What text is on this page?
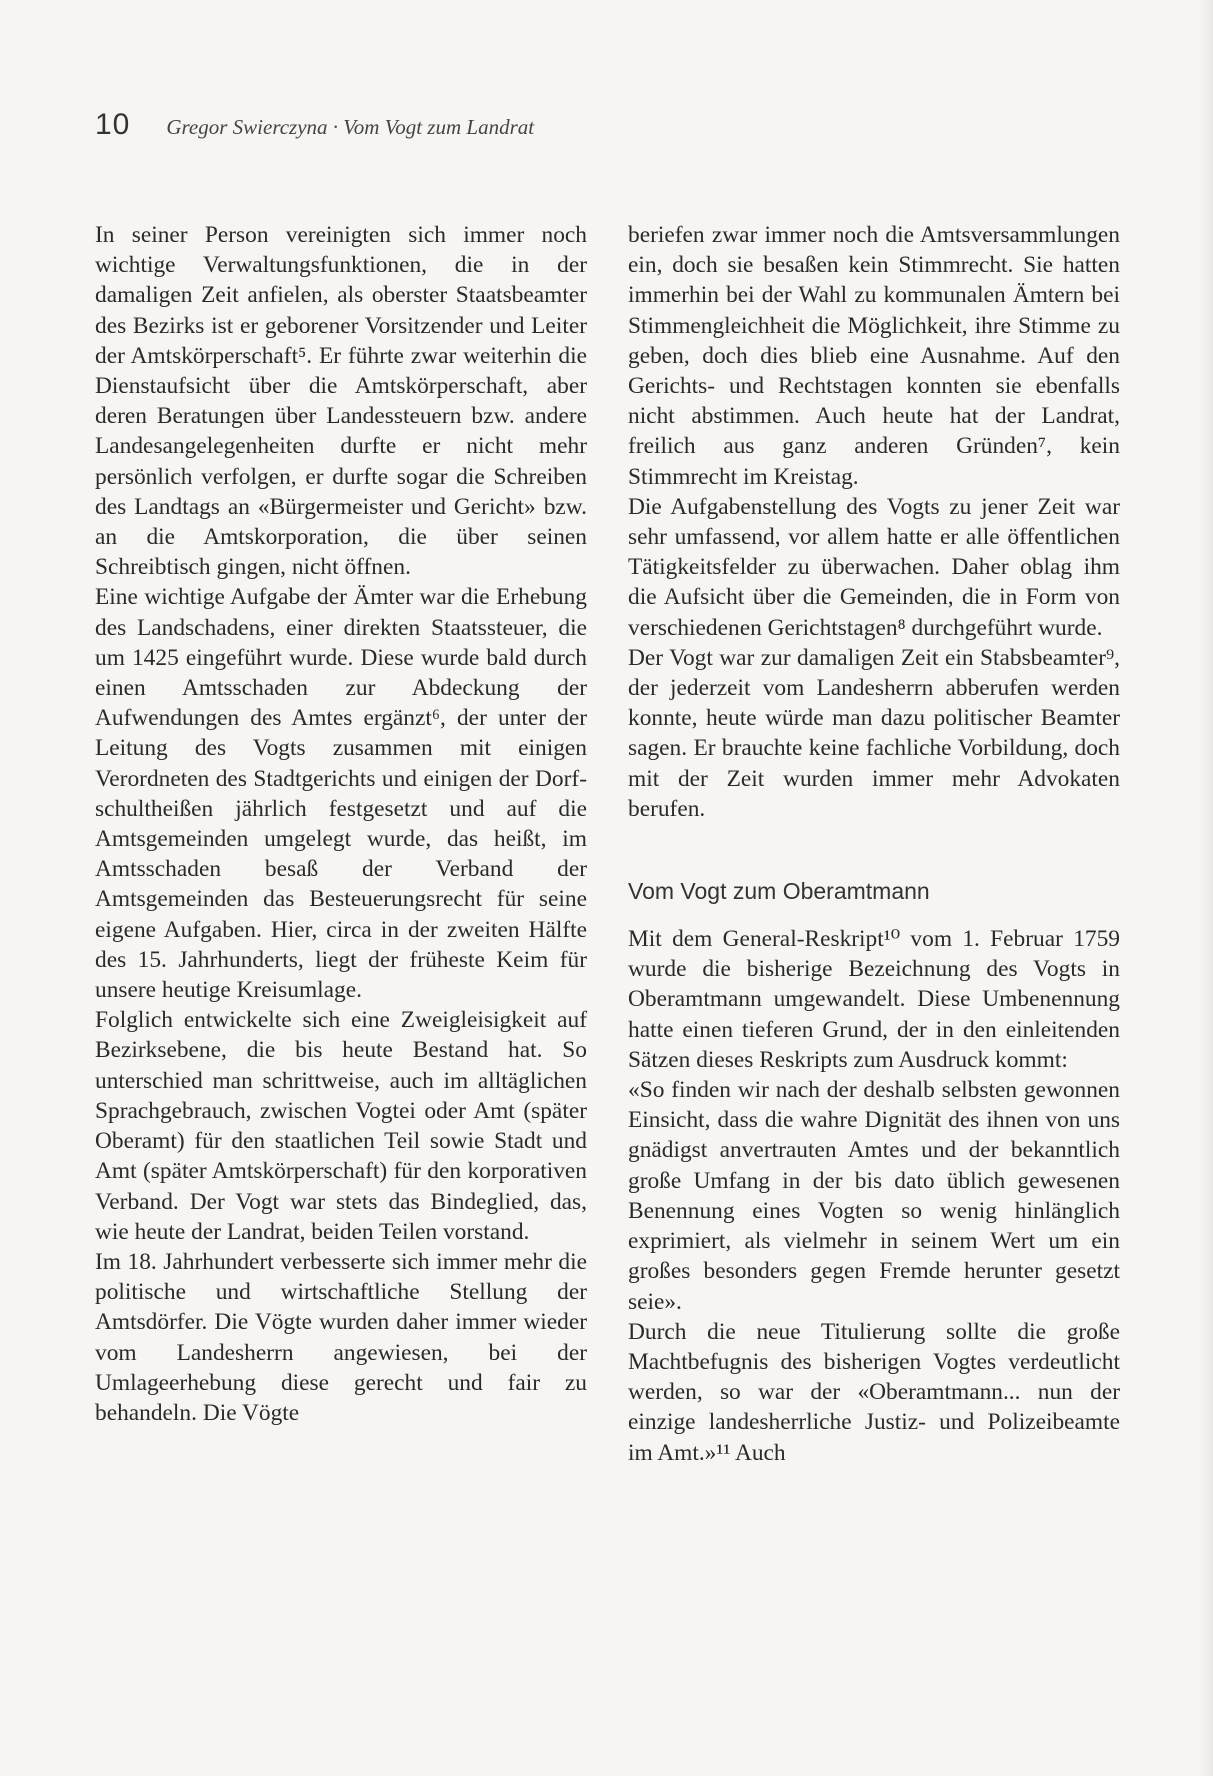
10 Gregor Swierczyna · Vom Vogt zum Landrat

In seiner Person vereinigten sich immer noch wichtige Verwaltungsfunktionen, die in der damaligen Zeit anfielen, als oberster Staatsbeamter des Bezirks ist er geborener Vorsitzender und Leiter der Amtskörperschaft⁵. Er führte zwar weiterhin die Dienstaufsicht über die Amtskörperschaft, aber deren Beratungen über Landessteuern bzw. andere Landesangelegenheiten durfte er nicht mehr persönlich verfolgen, er durfte sogar die Schreiben des Landtags an «Bürgermeister und Gericht» bzw. an die Amtskorporation, die über seinen Schreibtisch gingen, nicht öffnen.

Eine wichtige Aufgabe der Ämter war die Erhebung des Landschadens, einer direkten Staatssteuer, die um 1425 eingeführt wurde. Diese wurde bald durch einen Amtsschaden zur Abdeckung der Aufwendungen des Amtes ergänzt⁶, der unter der Leitung des Vogts zusammen mit einigen Verordneten des Stadtgerichts und einigen der Dorfschultheißen jährlich festgesetzt und auf die Amtsgemeinden umgelegt wurde, das heißt, im Amtsschaden besaß der Verband der Amtsgemeinden das Besteuerungsrecht für seine eigene Aufgaben. Hier, circa in der zweiten Hälfte des 15. Jahrhunderts, liegt der früheste Keim für unsere heutige Kreisumlage.

Folglich entwickelte sich eine Zweigleisigkeit auf Bezirksebene, die bis heute Bestand hat. So unterschied man schrittweise, auch im alltäglichen Sprachgebrauch, zwischen Vogtei oder Amt (später Oberamt) für den staatlichen Teil sowie Stadt und Amt (später Amtskörperschaft) für den korporativen Verband. Der Vogt war stets das Bindeglied, das, wie heute der Landrat, beiden Teilen vorstand.

Im 18. Jahrhundert verbesserte sich immer mehr die politische und wirtschaftliche Stellung der Amtsdörfer. Die Vögte wurden daher immer wieder vom Landesherrn angewiesen, bei der Umlageerhebung diese gerecht und fair zu behandeln. Die Vögte

beriefen zwar immer noch die Amtsversammlungen ein, doch sie besaßen kein Stimmrecht. Sie hatten immerhin bei der Wahl zu kommunalen Ämtern bei Stimmengleichheit die Möglichkeit, ihre Stimme zu geben, doch dies blieb eine Ausnahme. Auf den Gerichts- und Rechtstagen konnten sie ebenfalls nicht abstimmen. Auch heute hat der Landrat, freilich aus ganz anderen Gründen⁷, kein Stimmrecht im Kreistag.

Die Aufgabenstellung des Vogts zu jener Zeit war sehr umfassend, vor allem hatte er alle öffentlichen Tätigkeitsfelder zu überwachen. Daher oblag ihm die Aufsicht über die Gemeinden, die in Form von verschiedenen Gerichtstagen⁸ durchgeführt wurde.

Der Vogt war zur damaligen Zeit ein Stabsbeamter⁹, der jederzeit vom Landesherrn abberufen werden konnte, heute würde man dazu politischer Beamter sagen. Er brauchte keine fachliche Vorbildung, doch mit der Zeit wurden immer mehr Advokaten berufen.

Vom Vogt zum Oberamtmann

Mit dem General-Reskript¹⁰ vom 1. Februar 1759 wurde die bisherige Bezeichnung des Vogts in Oberamtmann umgewandelt. Diese Umbenennung hatte einen tieferen Grund, der in den einleitenden Sätzen dieses Reskripts zum Ausdruck kommt:

«So finden wir nach der deshalb selbsten gewonnen Einsicht, dass die wahre Dignität des ihnen von uns gnädigst anvertrauten Amtes und der bekanntlich große Umfang in der bis dato üblich gewesenen Benennung eines Vogten so wenig hinlänglich exprimiert, als vielmehr in seinem Wert um ein großes besonders gegen Fremde herunter gesetzt seie».

Durch die neue Titulierung sollte die große Machtbefugnis des bisherigen Vogtes verdeutlicht werden, so war der «Oberamtmann... nun der einzige landesherrliche Justiz- und Polizeibeamte im Amt.»¹¹ Auch
